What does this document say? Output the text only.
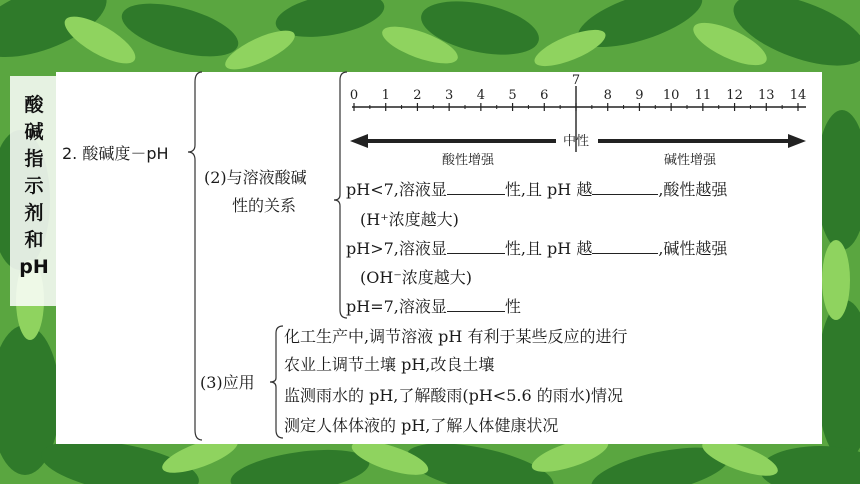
酸
碱
指
示
剂
和
pH
0 1 2 3 4 5 6
7
8 9 10 11 12 13 14
中性
酸性增强	碱性增强
2. 酸碱度－pH
(2)与溶液酸碱
性的关系
pH<7,溶液显	性,且 pH 越	,酸性越强
(H⁺浓度越大)
pH>7,溶液显	性,且 pH 越	,碱性越强
(OH⁻浓度越大)
pH=7,溶液显	性
(3)应用
化工生产中,调节溶液 pH 有利于某些反应的进行
农业上调节土壤 pH,改良土壤
监测雨水的 pH,了解酸雨(pH<5.6 的雨水)情况
测定人体体液的 pH,了解人体健康状况
